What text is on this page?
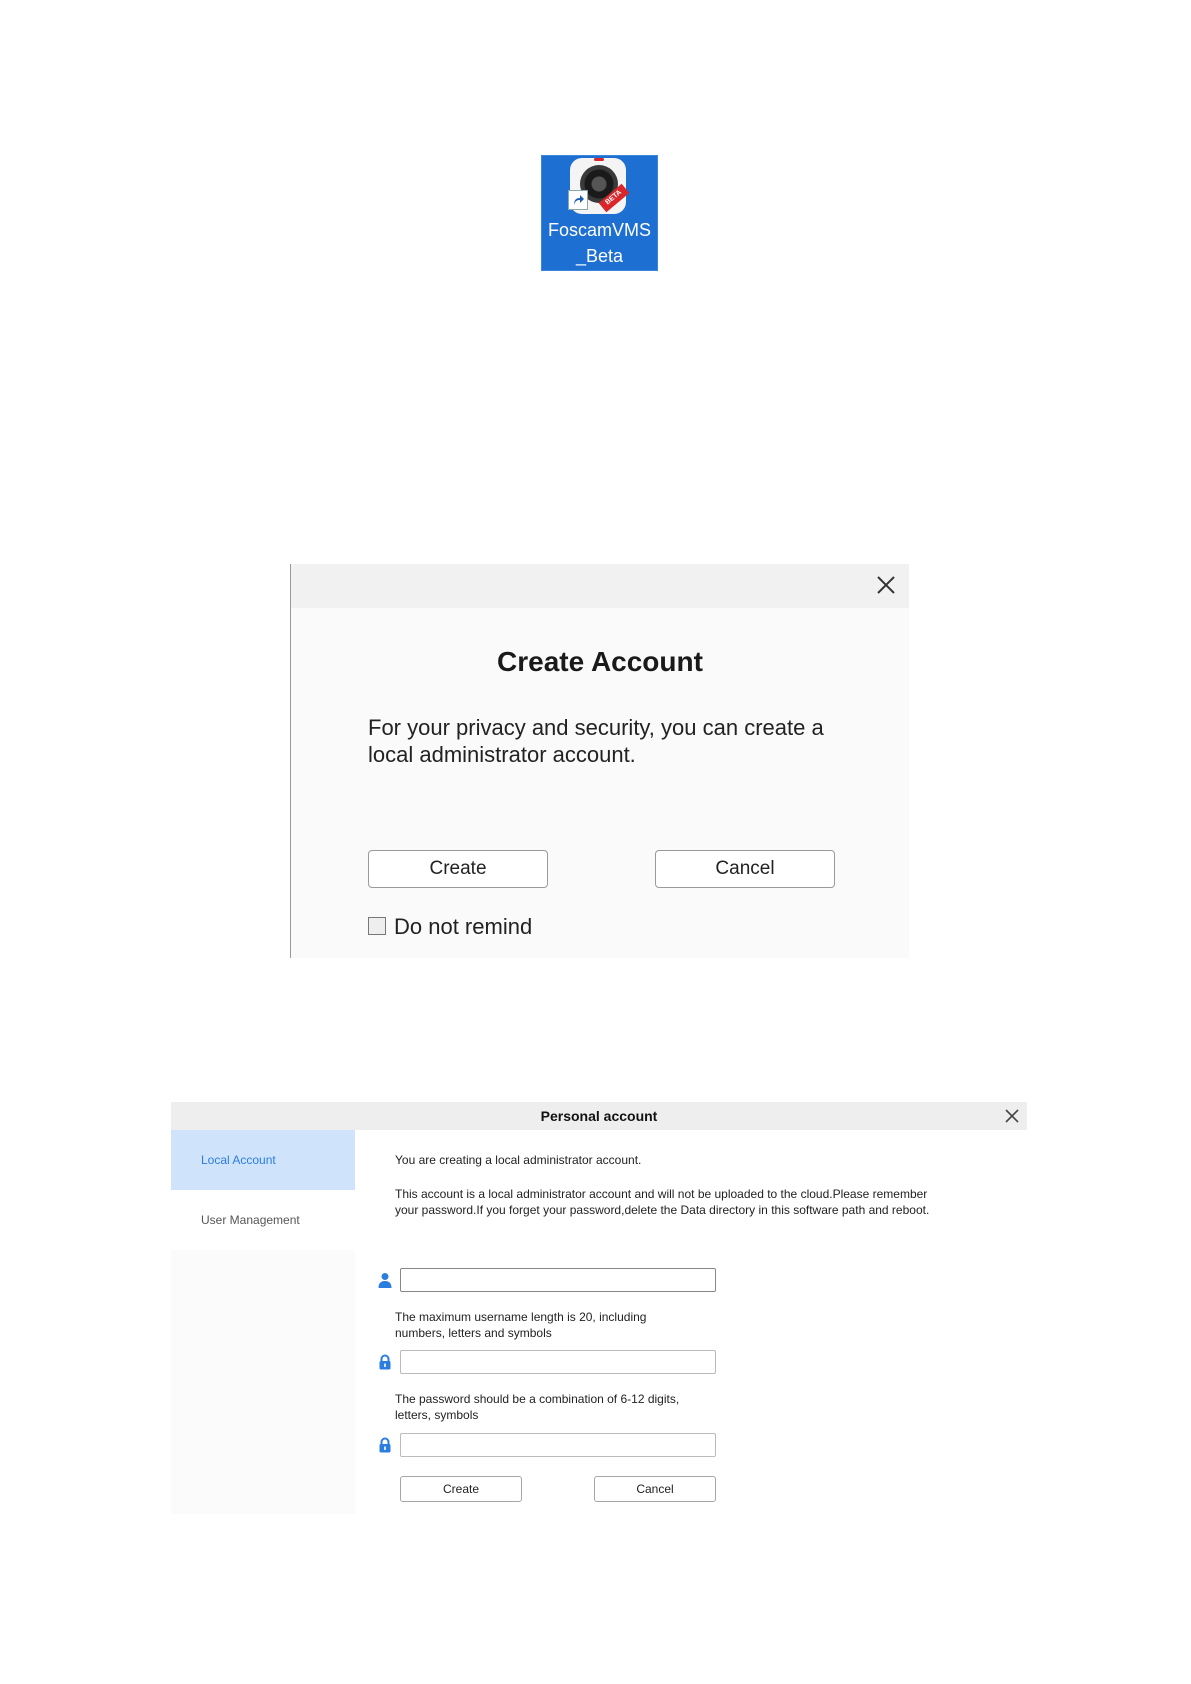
BETA
FoscamVMS
_Beta
Create Account
For your privacy and security, you can create a local administrator account.
Create	Cancel
Do not remind
Personal account
Local Account
User Management
You are creating a local administrator account.
This account is a local administrator account and will not be uploaded to the cloud.Please remember
your password.If you forget your password,delete the Data directory in this software path and reboot.
The maximum username length is 20, including
numbers, letters and symbols
The password should be a combination of 6-12 digits,
letters, symbols
Create	Cancel
